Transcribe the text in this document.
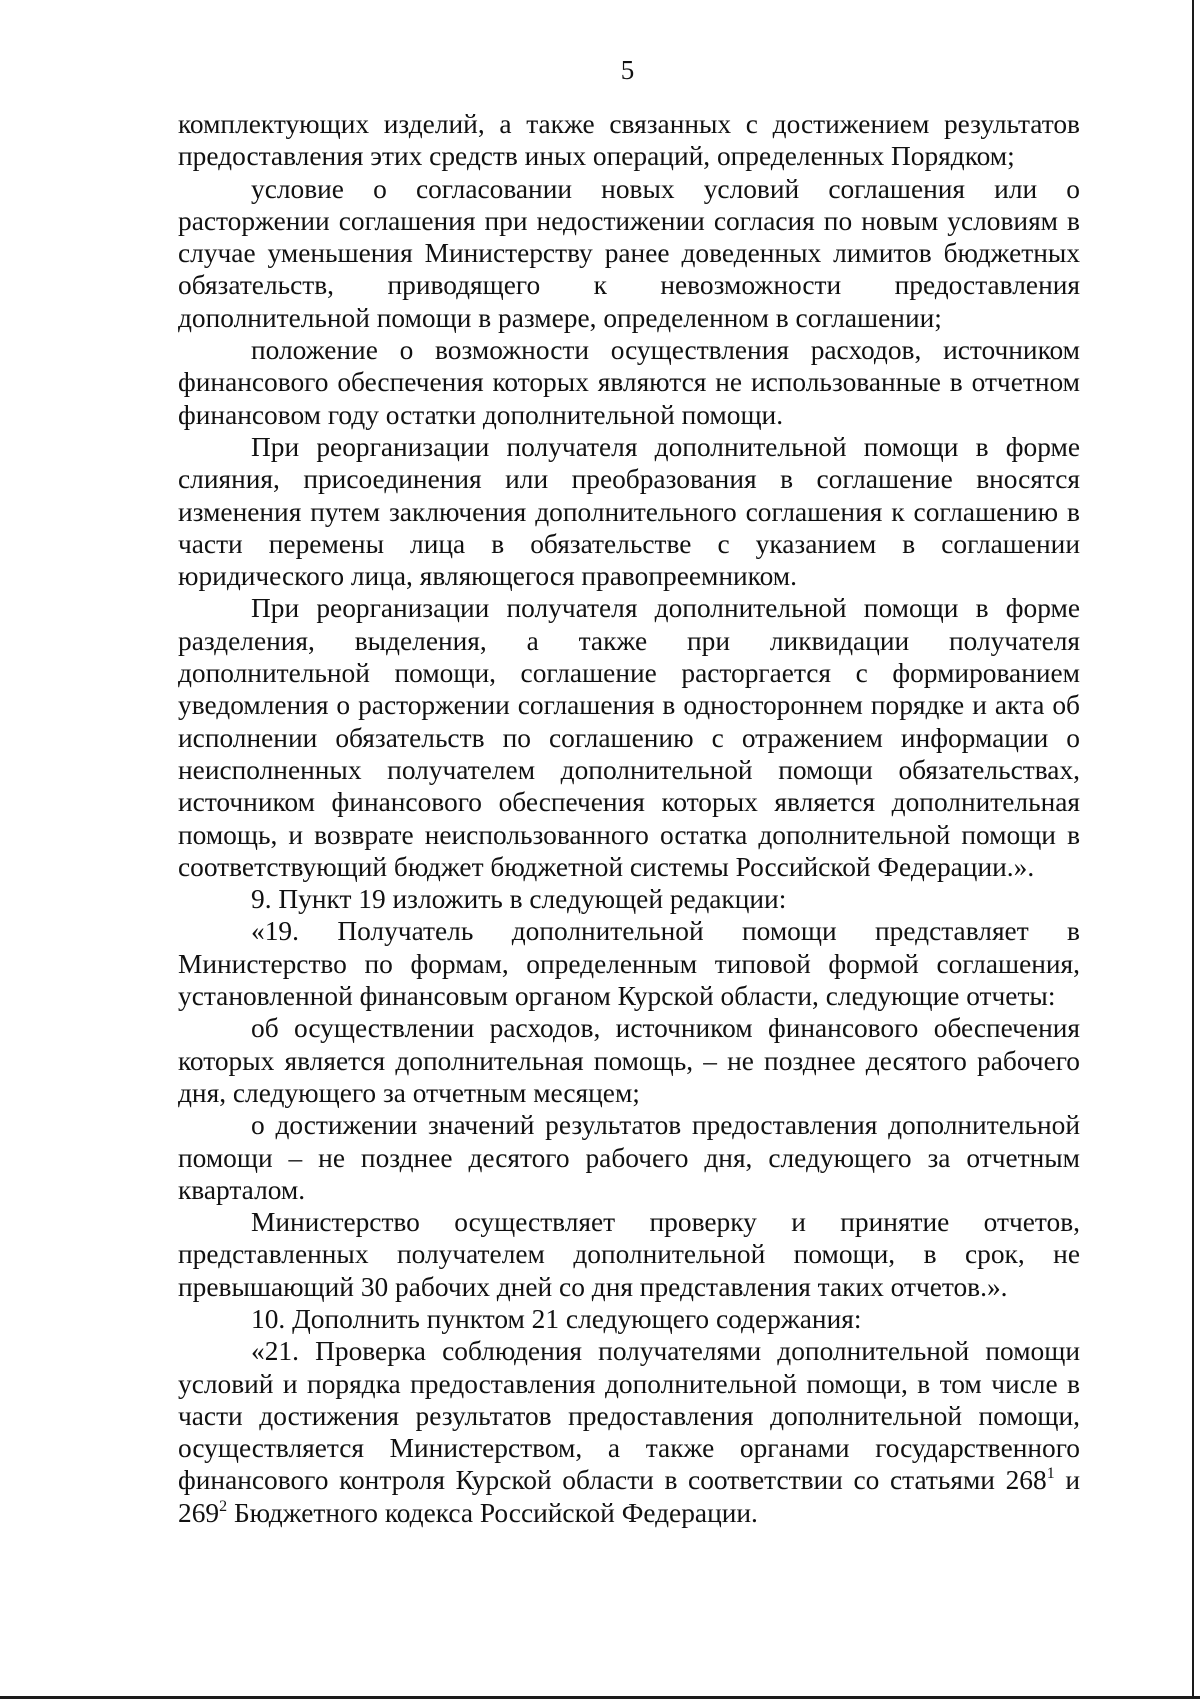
5

комплектующих изделий, а также связанных с достижением результатов предоставления этих средств иных операций, определенных Порядком;

условие о согласовании новых условий соглашения или о расторжении соглашения при недостижении согласия по новым условиям в случае уменьшения Министерству ранее доведенных лимитов бюджетных обязательств, приводящего к невозможности предоставления дополнительной помощи в размере, определенном в соглашении;

положение о возможности осуществления расходов, источником финансового обеспечения которых являются не использованные в отчетном финансовом году остатки дополнительной помощи.

При реорганизации получателя дополнительной помощи в форме слияния, присоединения или преобразования в соглашение вносятся изменения путем заключения дополнительного соглашения к соглашению в части перемены лица в обязательстве с указанием в соглашении юридического лица, являющегося правопреемником.

При реорганизации получателя дополнительной помощи в форме разделения, выделения, а также при ликвидации получателя дополнительной помощи, соглашение расторгается с формированием уведомления о расторжении соглашения в одностороннем порядке и акта об исполнении обязательств по соглашению с отражением информации о неисполненных получателем дополнительной помощи обязательствах, источником финансового обеспечения которых является дополнительная помощь, и возврате неиспользованного остатка дополнительной помощи в соответствующий бюджет бюджетной системы Российской Федерации.».

9. Пункт 19 изложить в следующей редакции:

«19. Получатель дополнительной помощи представляет в Министерство по формам, определенным типовой формой соглашения, установленной финансовым органом Курской области, следующие отчеты:

об осуществлении расходов, источником финансового обеспечения которых является дополнительная помощь, – не позднее десятого рабочего дня, следующего за отчетным месяцем;

о достижении значений результатов предоставления дополнительной помощи – не позднее десятого рабочего дня, следующего за отчетным кварталом.

Министерство осуществляет проверку и принятие отчетов, представленных получателем дополнительной помощи, в срок, не превышающий 30 рабочих дней со дня представления таких отчетов.».

10. Дополнить пунктом 21 следующего содержания:

«21. Проверка соблюдения получателями дополнительной помощи условий и порядка предоставления дополнительной помощи, в том числе в части достижения результатов предоставления дополнительной помощи, осуществляется Министерством, а также органами государственного финансового контроля Курской области в соответствии со статьями $268^1$ и $269^2$ Бюджетного кодекса Российской Федерации.
